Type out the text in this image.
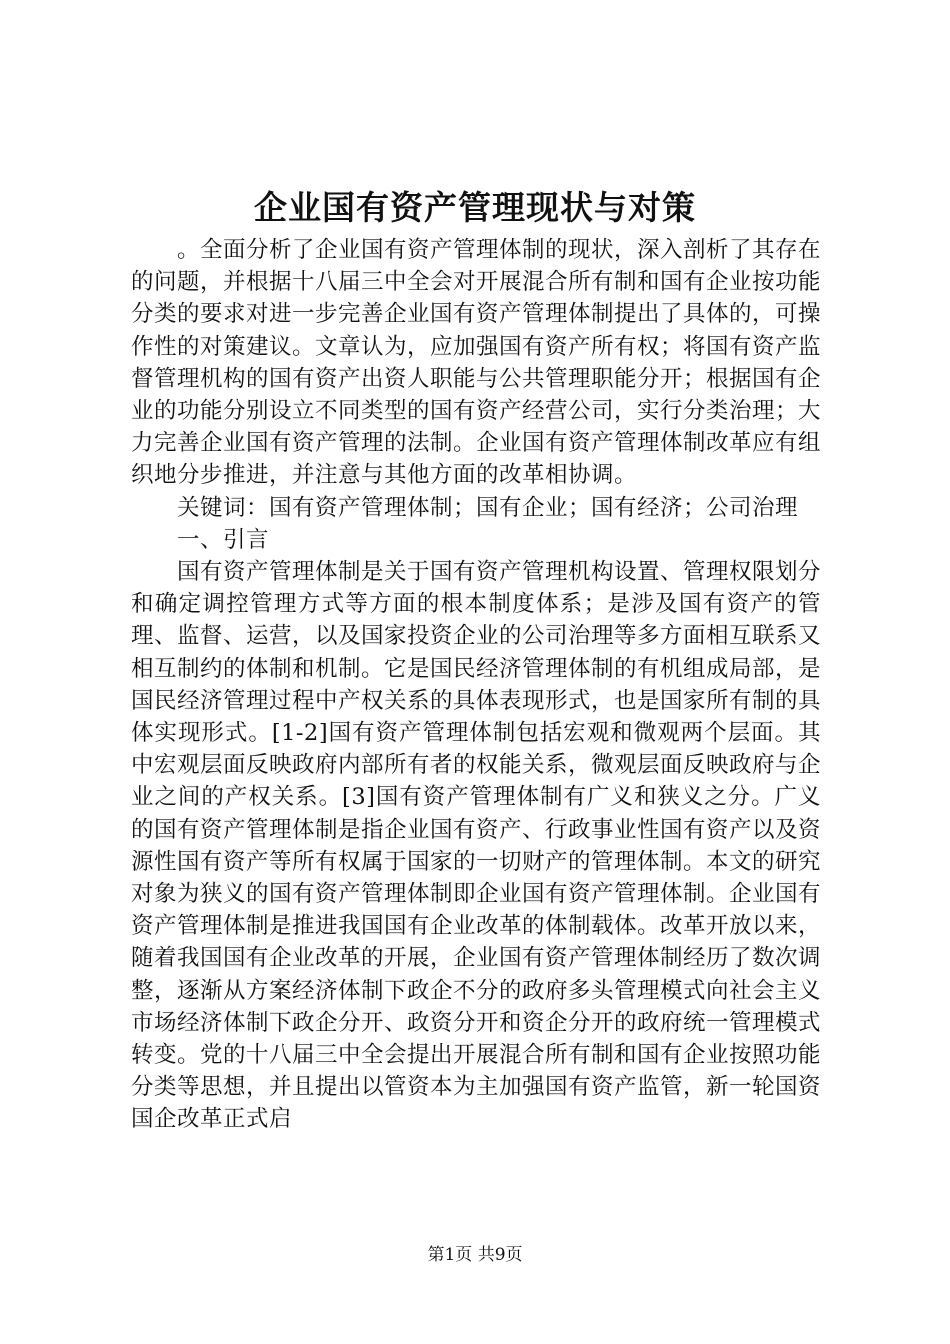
企业国有资产管理现状与对策

。全面分析了企业国有资产管理体制的现状，深入剖析了其存在的问题，并根据十八届三中全会对开展混合所有制和国有企业按功能分类的要求对进一步完善企业国有资产管理体制提出了具体的，可操作性的对策建议。文章认为，应加强国有资产所有权；将国有资产监督管理机构的国有资产出资人职能与公共管理职能分开；根据国有企业的功能分别设立不同类型的国有资产经营公司，实行分类治理；大力完善企业国有资产管理的法制。企业国有资产管理体制改革应有组织地分步推进，并注意与其他方面的改革相协调。

关键词：国有资产管理体制；国有企业；国有经济；公司治理

一、引言

国有资产管理体制是关于国有资产管理机构设置、管理权限划分和确定调控管理方式等方面的根本制度体系；是涉及国有资产的管理、监督、运营，以及国家投资企业的公司治理等多方面相互联系又相互制约的体制和机制。它是国民经济管理体制的有机组成局部，是国民经济管理过程中产权关系的具体表现形式，也是国家所有制的具体实现形式。[1-2]国有资产管理体制包括宏观和微观两个层面。其中宏观层面反映政府内部所有者的权能关系，微观层面反映政府与企业之间的产权关系。[3]国有资产管理体制有广义和狭义之分。广义的国有资产管理体制是指企业国有资产、行政事业性国有资产以及资源性国有资产等所有权属于国家的一切财产的管理体制。本文的研究对象为狭义的国有资产管理体制即企业国有资产管理体制。企业国有资产管理体制是推进我国国有企业改革的体制载体。改革开放以来，随着我国国有企业改革的开展，企业国有资产管理体制经历了数次调整，逐渐从方案经济体制下政企不分的政府多头管理模式向社会主义市场经济体制下政企分开、政资分开和资企分开的政府统一管理模式转变。党的十八届三中全会提出开展混合所有制和国有企业按照功能分类等思想，并且提出以管资本为主加强国有资产监管，新一轮国资国企改革正式启

第1页 共9页
